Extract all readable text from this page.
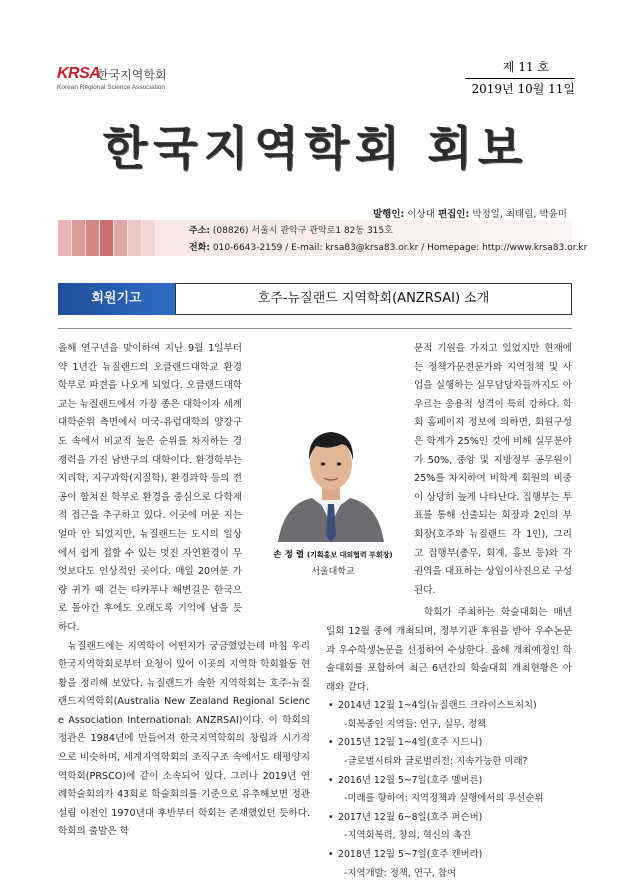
KRSA
한국지역학회
Korean Regional Science Association
제 11 호
2019년 10월 11일
한국지역학회 회보
발행인: 이상대 편집인: 박정일, 최태림, 박윤미
주소: (08826) 서울시 관악구 관악로1 82동 315호
전화: 010-6643-2159 / E-mail: krsa83@krsa83.or.kr / Homepage: http://www.krsa83.or.kr
회원기고	호주-뉴질랜드 지역학회(ANZRSAI) 소개

올해 연구년을 맞이하여 지난 9월 1일부터 약 1년간 뉴질랜드의 오클랜드대학교 환경학부로 파견을 나오게 되었다. 오클랜드대학교는 뉴질랜드에서 가장 종은 대학이자 세계대학순위 측면에서 미국-유럽대학의 양강구도 속에서 비교적 높은 순위를 차지하는 경쟁력을 가진 남반구의 대학이다. 환경학부는 지리학, 지구과학(지질학), 환경과학 등의 전공이 합쳐진 학부로 환경을 중심으로 다학제적 접근을 추구하고 있다. 이곳에 머문 지는 얼마 안 되었지만, 뉴질랜드는 도시의 일상에서 쉽게 접할 수 있는 멋진 자연환경이 무엇보다도 인상적인 곳이다. 매일 20여분 가량 귀가 때 걷는 타카푸나 해변길은 한국으로 돌아간 후에도 오래도록 기억에 남을 듯하다.

뉴질랜드에는 지역학이 어떤지가 궁금했었는데 마침 우리 한국지역학회로부터 요청이 있어 이곳의 지역학 학회활동 현황을 정리해 보았다. 뉴질랜드가 속한 지역학회는 호주-뉴질랜드지역학회(Australia New Zealand Regional Science Association International: ANZRSAI)이다. 이 학회의 정관은 1984년에 만들어져 한국지역학회의 창립과 시기적으로 비슷하며, 세계지역학회의 조직구조 속에서도 태평양지역학회(PRSCO)에 같이 소속되어 있다. 그러나 2019년 연례학술회의가 43회로 학술회의를 기준으로 유추해보면 정관설립 이전인 1970년대 후반부터 학회는 존재했었던 듯하다. 학회의 출발은 학

문적 기원을 가지고 있었지만 현재에는 정책가문전문가와 지역정책 및 사업을 실행하는 실무담당자들까지도 아우르는 응용적 성격이 특히 강하다. 학회 홈페이지 정보에 의하면, 회원구성은 학계가 25%인 것에 비해 실무분야가 50%, 중앙 및 지방정부 공무원이 25%를 차지하여 비학계 회원의 비중이 상당히 높게 나타난다. 집행부는 투표를 통해 선출되는 회장과 2인의 부회장(호주와 뉴질랜드 각 1인), 그리고 집행부(총무, 회계, 홍보 등)와 각 권역을 대표하는 상임이사진으로 구성된다.

학회가 주최하는 학술대회는 매년 일회 12월 중에 개최되며, 정부기관 후원을 받아 우수논문과 우수학생논문을 선정하여 수상한다. 올해 개최예정인 학술대회를 포함하여 최근 6년간의 학술대회 개최현황은 아래와 같다.

• 2014년 12월 1~4일(뉴질랜드 크라이스트처치)
-회복중인 지역들: 연구, 실무, 정책
• 2015년 12월 1~4일(호주 시드니)
-글로벌시티와 글로벌리전: 지속가능한 미래?
• 2016년 12월 5~7일(호주 멜버른)
-미래를 향하여: 지역정책과 실행에서의 우선순위
• 2017년 12월 6~8일(호주 퍼슨버)
-지역회복력, 창의, 혁신의 촉진
• 2018년 12월 5~7일(호주 캔버라)
-지역개발: 정책, 연구, 참여
손 정 렬 (기획홍보 대외협력 부회장)
서울대학교
